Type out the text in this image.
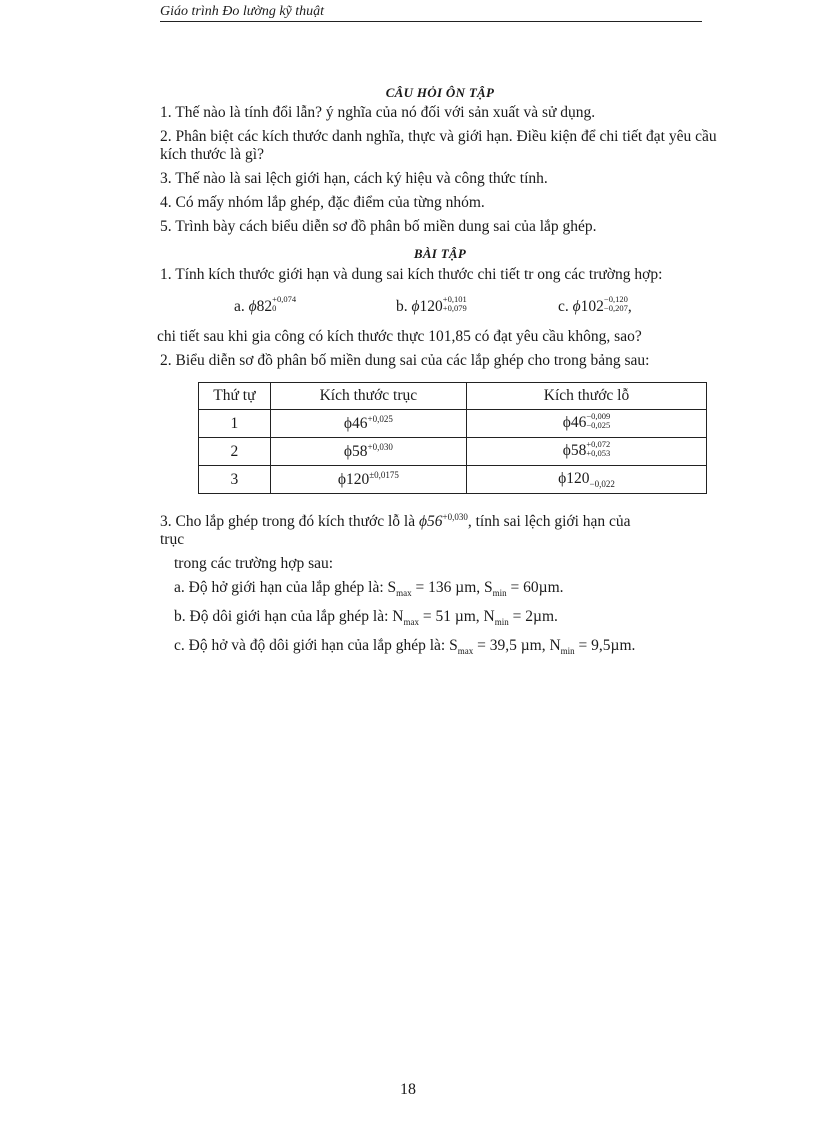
Giáo trình Đo lường kỹ thuật

CÂU HỎI ÔN TẬP

1. Thế nào là tính đổi lẫn? ý nghĩa của nó đối với sản xuất và sử dụng.

2. Phân biệt các kích thước danh nghĩa, thực và giới hạn. Điều kiện để chi tiết đạt yêu cầu kích thước là gì?

3. Thế nào là sai lệch giới hạn, cách ký hiệu và công thức tính.

4. Có mấy nhóm lắp ghép, đặc điểm của từng nhóm.

5. Trình bày cách biểu diễn sơ đồ phân bố miền dung sai của lắp ghép.

BÀI TẬP

1. Tính kích thước giới hạn và dung sai kích thước chi tiết tr ong các trường hợp:

a. ϕ82 +0,074
0	b. ϕ120 +0,101
+0,079	c. ϕ102 −0,120
−0,207 ,

chi tiết sau khi gia công có kích thước thực 101,85 có đạt yêu cầu không, sao?

2. Biểu diễn sơ đồ phân bố miền dung sai của các lắp ghép cho trong bảng sau:

Thứ tự	Kích thước trục	Kích thước lỗ
1	$\phi 46^{+0,025}$	ϕ46 −0,009
−0,025

2	$\phi 58^{+0,030}$	ϕ58 +0,072
+0,053

3	$\phi 120^{\pm 0,0175}$	$\phi 120_{-0,022}$

3. Cho lắp ghép trong đó kích thước lỗ là $\phi 56^{+0,030}$, tính sai lệch giới hạn của
trục

trong các trường hợp sau:

a. Độ hở giới hạn của lắp ghép là: $S_{max} = 136$ µm, $S_{min} = 60\mu m$.

b. Độ dôi giới hạn của lắp ghép là: $N_{max} = 51$ µm, $N_{min} = 2\mu m$.

c. Độ hở và độ dôi giới hạn của lắp ghép là: $S_{max} = 39,5$ µm, $N_{min} = 9,5\mu m$.

18
